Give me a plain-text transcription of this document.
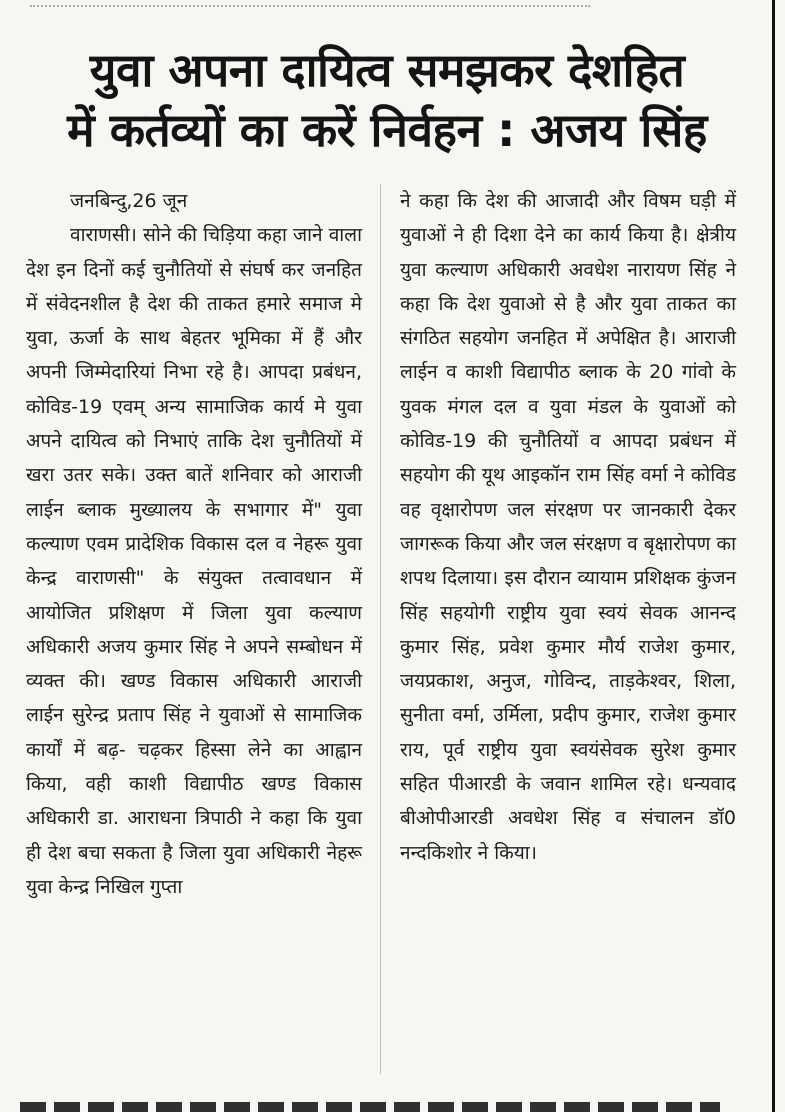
युवा अपना दायित्व समझकर देशहित
में कर्तव्यों का करें निर्वहन : अजय सिंह
जनबिन्दु,26 जून

वाराणसी। सोने की चिड़िया कहा जाने वाला देश इन दिनों कई चुनौतियों से संघर्ष कर जनहित में संवेदनशील है देश की ताकत हमारे समाज मे युवा, ऊर्जा के साथ बेहतर भूमिका में हैं और अपनी जिम्मेदारियां निभा रहे है। आपदा प्रबंधन, कोविड-19 एवम् अन्य सामाजिक कार्य मे युवा अपने दायित्व को निभाएं ताकि देश चुनौतियों में खरा उतर सके। उक्त बातें शनिवार को आराजी लाईन ब्लाक मुख्यालय के सभागार में" युवा कल्याण एवम प्रादेशिक विकास दल व नेहरू युवा केन्द्र वाराणसी" के संयुक्त तत्वावधान में आयोजित प्रशिक्षण में जिला युवा कल्याण अधिकारी अजय कुमार सिंह ने अपने सम्बोधन में व्यक्त की। खण्ड विकास अधिकारी आराजी लाईन सुरेन्द्र प्रताप सिंह ने युवाओं से सामाजिक कार्यों में बढ़- चढ़कर हिस्सा लेने का आह्वान किया, वही काशी विद्यापीठ खण्ड विकास अधिकारी डा. आराधना त्रिपाठी ने कहा कि युवा ही देश बचा सकता है जिला युवा अधिकारी नेहरू युवा केन्द्र निखिल गुप्ता

ने कहा कि देश की आजादी और विषम घड़ी में युवाओं ने ही दिशा देने का कार्य किया है। क्षेत्रीय युवा कल्याण अधिकारी अवधेश नारायण सिंह ने कहा कि देश युवाओ से है और युवा ताकत का संगठित सहयोग जनहित में अपेक्षित है। आराजी लाईन व काशी विद्यापीठ ब्लाक के 20 गांवो के युवक मंगल दल व युवा मंडल के युवाओं को कोविड-19 की चुनौतियों व आपदा प्रबंधन में सहयोग की यूथ आइकॉन राम सिंह वर्मा ने कोविड वह वृक्षारोपण जल संरक्षण पर जानकारी देकर जागरूक किया और जल संरक्षण व बृक्षारोपण का शपथ दिलाया। इस दौरान व्यायाम प्रशिक्षक कुंजन सिंह सहयोगी राष्ट्रीय युवा स्वयं सेवक आनन्द कुमार सिंह, प्रवेश कुमार मौर्य राजेश कुमार, जयप्रकाश, अनुज, गोविन्द, ताड़केश्वर, शिला, सुनीता वर्मा, उर्मिला, प्रदीप कुमार, राजेश कुमार राय, पूर्व राष्ट्रीय युवा स्वयंसेवक सुरेश कुमार सहित पीआरडी के जवान शामिल रहे। धन्यवाद बीओपीआरडी अवधेश सिंह व संचालन डॉ0 नन्दकिशोर ने किया।
